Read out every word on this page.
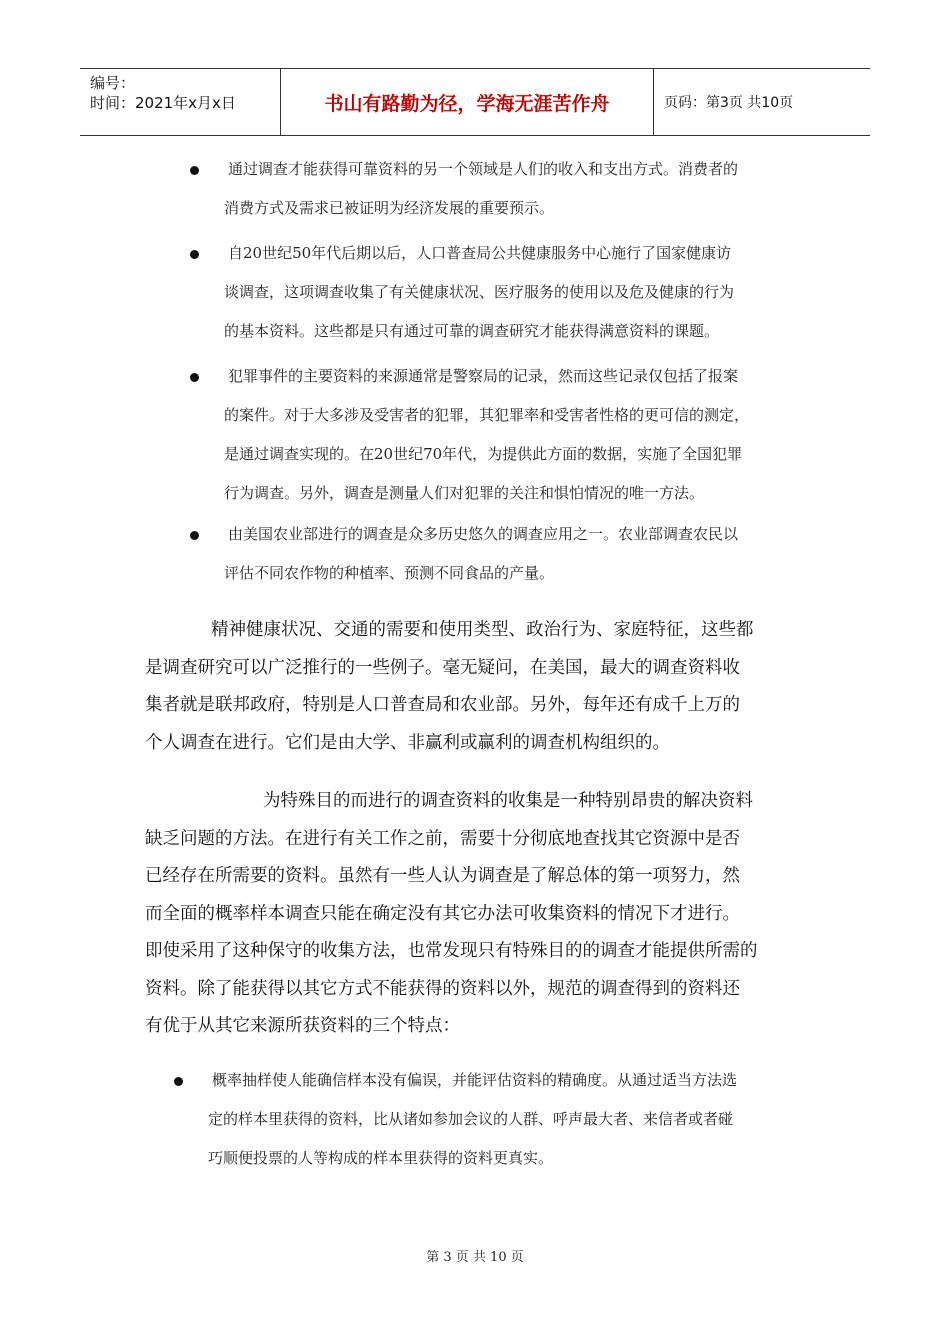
编号：
时间：2021年x月x日	书山有路勤为径，学海无涯苦作舟	页码：第3页 共10页
通过调查才能获得可靠资料的另一个领域是人们的收入和支出方式。消费者的
消费方式及需求已被证明为经济发展的重要预示。
自20世纪50年代后期以后，人口普查局公共健康服务中心施行了国家健康访
谈调查，这项调查收集了有关健康状况、医疗服务的使用以及危及健康的行为
的基本资料。这些都是只有通过可靠的调查研究才能获得满意资料的课题。
犯罪事件的主要资料的来源通常是警察局的记录，然而这些记录仅包括了报案
的案件。对于大多涉及受害者的犯罪，其犯罪率和受害者性格的更可信的测定，
是通过调查实现的。在20世纪70年代，为提供此方面的数据，实施了全国犯罪
行为调查。另外，调查是测量人们对犯罪的关注和惧怕情况的唯一方法。
由美国农业部进行的调查是众多历史悠久的调查应用之一。农业部调查农民以
评估不同农作物的种植率、预测不同食品的产量。
精神健康状况、交通的需要和使用类型、政治行为、家庭特征，这些都
是调查研究可以广泛推行的一些例子。毫无疑问，在美国，最大的调查资料收
集者就是联邦政府，特别是人口普查局和农业部。另外，每年还有成千上万的
个人调查在进行。它们是由大学、非赢利或赢利的调查机构组织的。
为特殊目的而进行的调查资料的收集是一种特别昂贵的解决资料
缺乏问题的方法。在进行有关工作之前，需要十分彻底地查找其它资源中是否
已经存在所需要的资料。虽然有一些人认为调查是了解总体的第一项努力，然
而全面的概率样本调查只能在确定没有其它办法可收集资料的情况下才进行。
即使采用了这种保守的收集方法，也常发现只有特殊目的的调查才能提供所需的
资料。除了能获得以其它方式不能获得的资料以外，规范的调查得到的资料还
有优于从其它来源所获资料的三个特点：
概率抽样使人能确信样本没有偏误，并能评估资料的精确度。从通过适当方法选
定的样本里获得的资料，比从诸如参加会议的人群、呼声最大者、来信者或者碰
巧顺便投票的人等构成的样本里获得的资料更真实。
第 3 页 共 10 页
